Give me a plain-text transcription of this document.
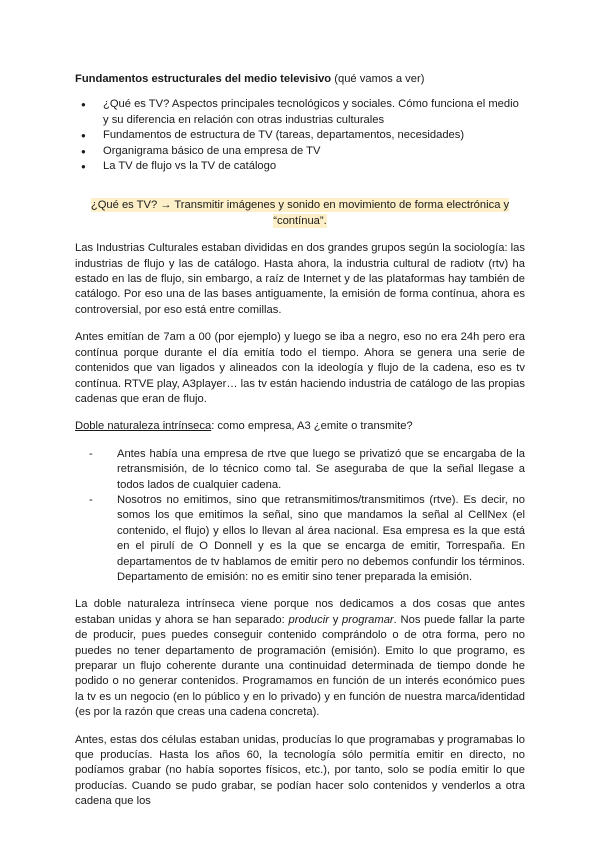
Fundamentos estructurales del medio televisivo (qué vamos a ver)
● ¿Qué es TV? Aspectos principales tecnológicos y sociales. Cómo funciona el medio y su diferencia en relación con otras industrias culturales
● Fundamentos de estructura de TV (tareas, departamentos, necesidades)
● Organigrama básico de una empresa de TV
● La TV de flujo vs la TV de catálogo
¿Qué es TV? → Transmitir imágenes y sonido en movimiento de forma electrónica y “contínua”.

Las Industrias Culturales estaban divididas en dos grandes grupos según la sociología: las industrias de flujo y las de catálogo. Hasta ahora, la industria cultural de radiotv (rtv) ha estado en las de flujo, sin embargo, a raíz de Internet y de las plataformas hay también de catálogo. Por eso una de las bases antiguamente, la emisión de forma contínua, ahora es controversial, por eso está entre comillas.

Antes emitían de 7am a 00 (por ejemplo) y luego se iba a negro, eso no era 24h pero era contínua porque durante el día emitía todo el tiempo. Ahora se genera una serie de contenidos que van ligados y alineados con la ideología y flujo de la cadena, eso es tv contínua. RTVE play, A3player… las tv están haciendo industria de catálogo de las propias cadenas que eran de flujo.

Doble naturaleza intrínseca: como empresa, A3 ¿emite o transmite?

- Antes había una empresa de rtve que luego se privatizó que se encargaba de la retransmisión, de lo técnico como tal. Se aseguraba de que la señal llegase a todos lados de cualquier cadena.
- Nosotros no emitimos, sino que retransmitimos/transmitimos (rtve). Es decir, no somos los que emitimos la señal, sino que mandamos la señal al CellNex (el contenido, el flujo) y ellos lo llevan al área nacional. Esa empresa es la que está en el pirulí de O Donnell y es la que se encarga de emitir, Torrespaña. En departamentos de tv hablamos de emitir pero no debemos confundir los términos. Departamento de emisión: no es emitir sino tener preparada la emisión.

La doble naturaleza intrínseca viene porque nos dedicamos a dos cosas que antes estaban unidas y ahora se han separado: producir y programar. Nos puede fallar la parte de producir, pues puedes conseguir contenido comprándolo o de otra forma, pero no puedes no tener departamento de programación (emisión). Emito lo que programo, es preparar un flujo coherente durante una continuidad determinada de tiempo donde he podido o no generar contenidos. Programamos en función de un interés económico pues la tv es un negocio (en lo público y en lo privado) y en función de nuestra marca/identidad (es por la razón que creas una cadena concreta).

Antes, estas dos células estaban unidas, producías lo que programabas y programabas lo que producías. Hasta los años 60, la tecnología sólo permitía emitir en directo, no podíamos grabar (no había soportes físicos, etc.), por tanto, solo se podía emitir lo que producías. Cuando se pudo grabar, se podían hacer solo contenidos y venderlos a otra cadena que los
